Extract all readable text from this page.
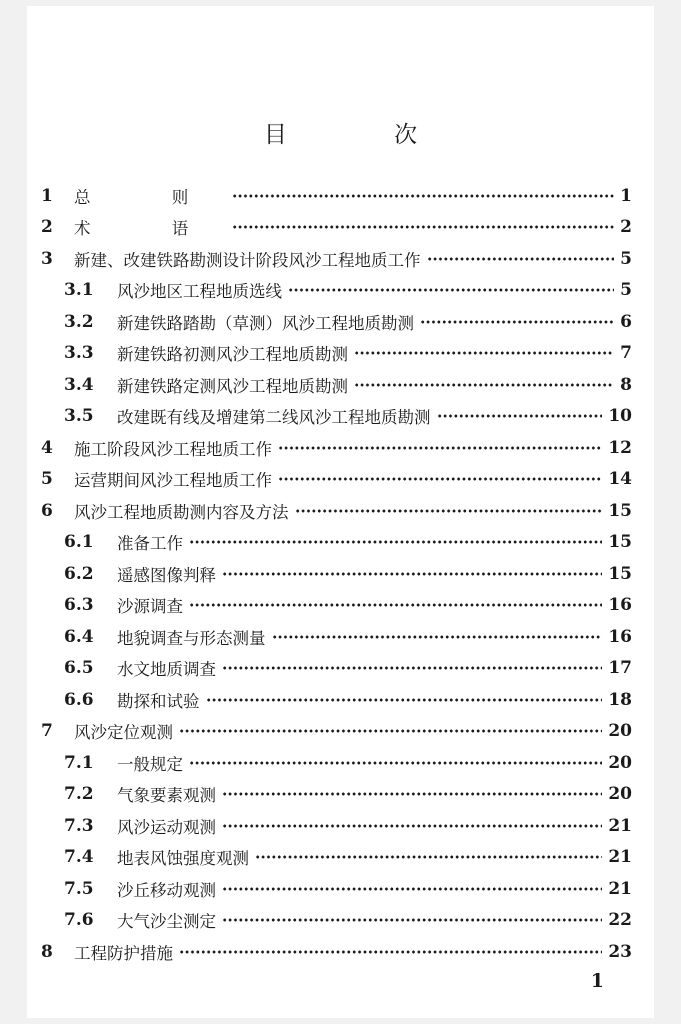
目 次
1	总 则	1
2	术 语	2
3	新建、改建铁路勘测设计阶段风沙工程地质工作	5
3.1	风沙地区工程地质选线	5
3.2	新建铁路踏勘（草测）风沙工程地质勘测	6
3.3	新建铁路初测风沙工程地质勘测	7
3.4	新建铁路定测风沙工程地质勘测	8
3.5	改建既有线及增建第二线风沙工程地质勘测	10
4	施工阶段风沙工程地质工作	12
5	运营期间风沙工程地质工作	14
6	风沙工程地质勘测内容及方法	15
6.1	准备工作	15
6.2	遥感图像判释	15
6.3	沙源调查	16
6.4	地貌调查与形态测量	16
6.5	水文地质调查	17
6.6	勘探和试验	18
7	风沙定位观测	20
7.1	一般规定	20
7.2	气象要素观测	20
7.3	风沙运动观测	21
7.4	地表风蚀强度观测	21
7.5	沙丘移动观测	21
7.6	大气沙尘测定	22
8	工程防护措施	23
1
